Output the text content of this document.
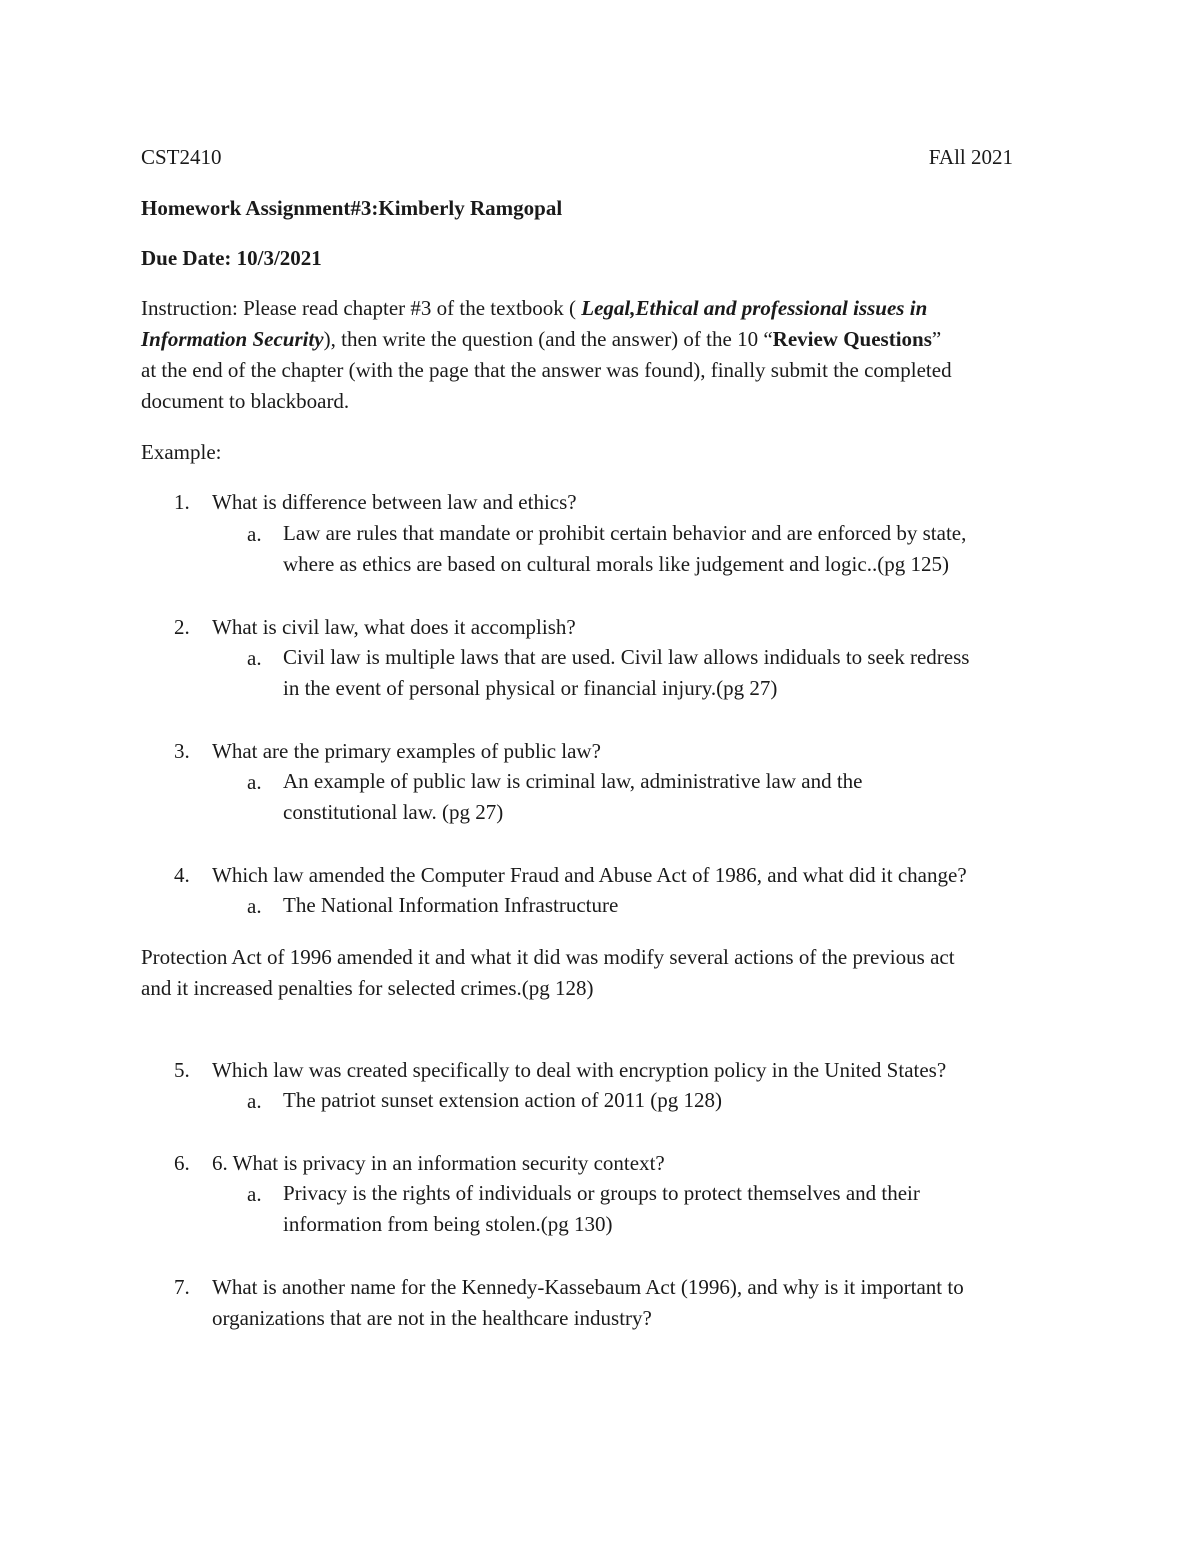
CST2410	FAll 2021
Homework Assignment#3:Kimberly Ramgopal
Due Date: 10/3/2021
Instruction: Please read chapter #3 of the textbook ( Legal,Ethical and professional issues in
Information Security), then write the question (and the answer) of the 10 “Review Questions”
at the end of the chapter (with the page that the answer was found), finally submit the completed
document to blackboard.
Example:
1. What is difference between law and ethics?
a. Law are rules that mandate or prohibit certain behavior and are enforced by state,
where as ethics are based on cultural morals like judgement and logic..(pg 125)
2. What is civil law, what does it accomplish?
a. Civil law is multiple laws that are used. Civil law allows indiduals to seek redress
in the event of personal physical or financial injury.(pg 27)
3. What are the primary examples of public law?
a. An example of public law is criminal law, administrative law and the
constitutional law. (pg 27)
4. Which law amended the Computer Fraud and Abuse Act of 1986, and what did it change?
a. The National Information Infrastructure
Protection Act of 1996 amended it and what it did was modify several actions of the previous act
and it increased penalties for selected crimes.(pg 128)
5. Which law was created specifically to deal with encryption policy in the United States?
a. The patriot sunset extension action of 2011 (pg 128)
6. 6. What is privacy in an information security context?
a. Privacy is the rights of individuals or groups to protect themselves and their
information from being stolen.(pg 130)
7. What is another name for the Kennedy-Kassebaum Act (1996), and why is it important to
organizations that are not in the healthcare industry?
